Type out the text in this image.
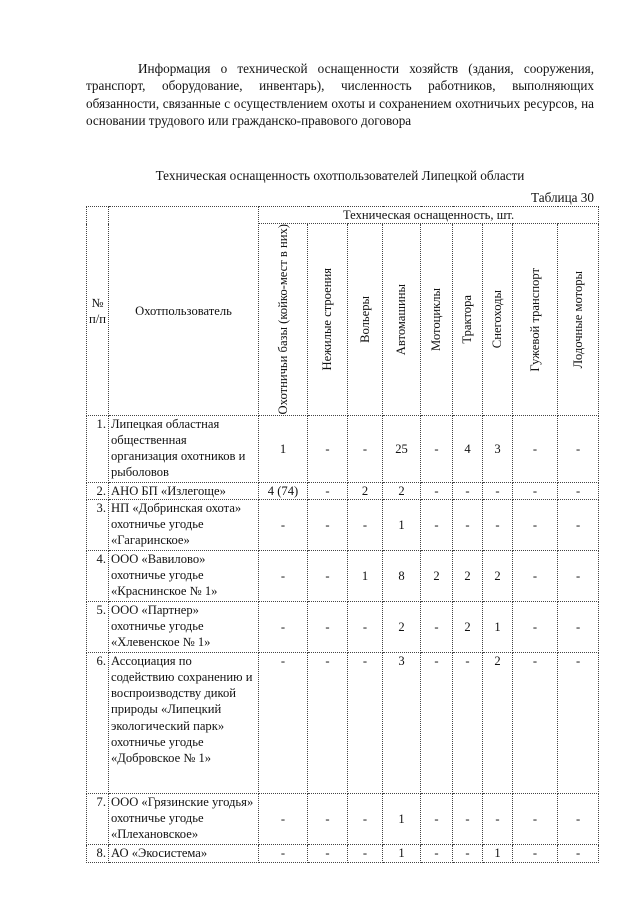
Информация о технической оснащенности хозяйств (здания, сооружения, транспорт, оборудование, инвентарь), численность работников, выполняющих обязанности, связанные с осуществлением охоты и сохранением охотничьих ресурсов, на основании трудового или гражданско-правового договора

Техническая оснащенность охотпользователей Липецкой области

Таблица 30

№ п/п	Охотпользователь	Техническая оснащенность, шт.								

		Охотничьи базы (койко-мест в них)	Нежилые строения	Вольеры	Автомашины	Мотоциклы	Трактора	Снегоходы	Гужевой транспорт	Лодочные моторы

1.	Липецкая областная общественная организация охотников и рыболовов	1	-	-	25	-	4	3	-	-
2.	АНО БП «Излегоще»	4 (74)	-	2	2	-	-	-	-	-
3.	НП «Добринская охота» охотничье угодье «Гагаринское»	-	-	-	1	-	-	-	-	-
4.	ООО «Вавилово» охотничье угодье «Краснинское № 1»	-	-	1	8	2	2	2	-	-
5.	ООО «Партнер» охотничье угодье «Хлевенское № 1»	-	-	-	2	-	2	1	-	-
6.	Ассоциация по содействию сохранению и воспроизводству дикой природы «Липецкий экологический парк» охотничье угодье «Добровское № 1»	-	-	-	3	-	-	2	-	-
7.	ООО «Грязинские угодья» охотничье угодье «Плехановское»	-	-	-	1	-	-	-	-	-
8.	АО «Экосистема»	-	-	-	1	-	-	1	-	-
